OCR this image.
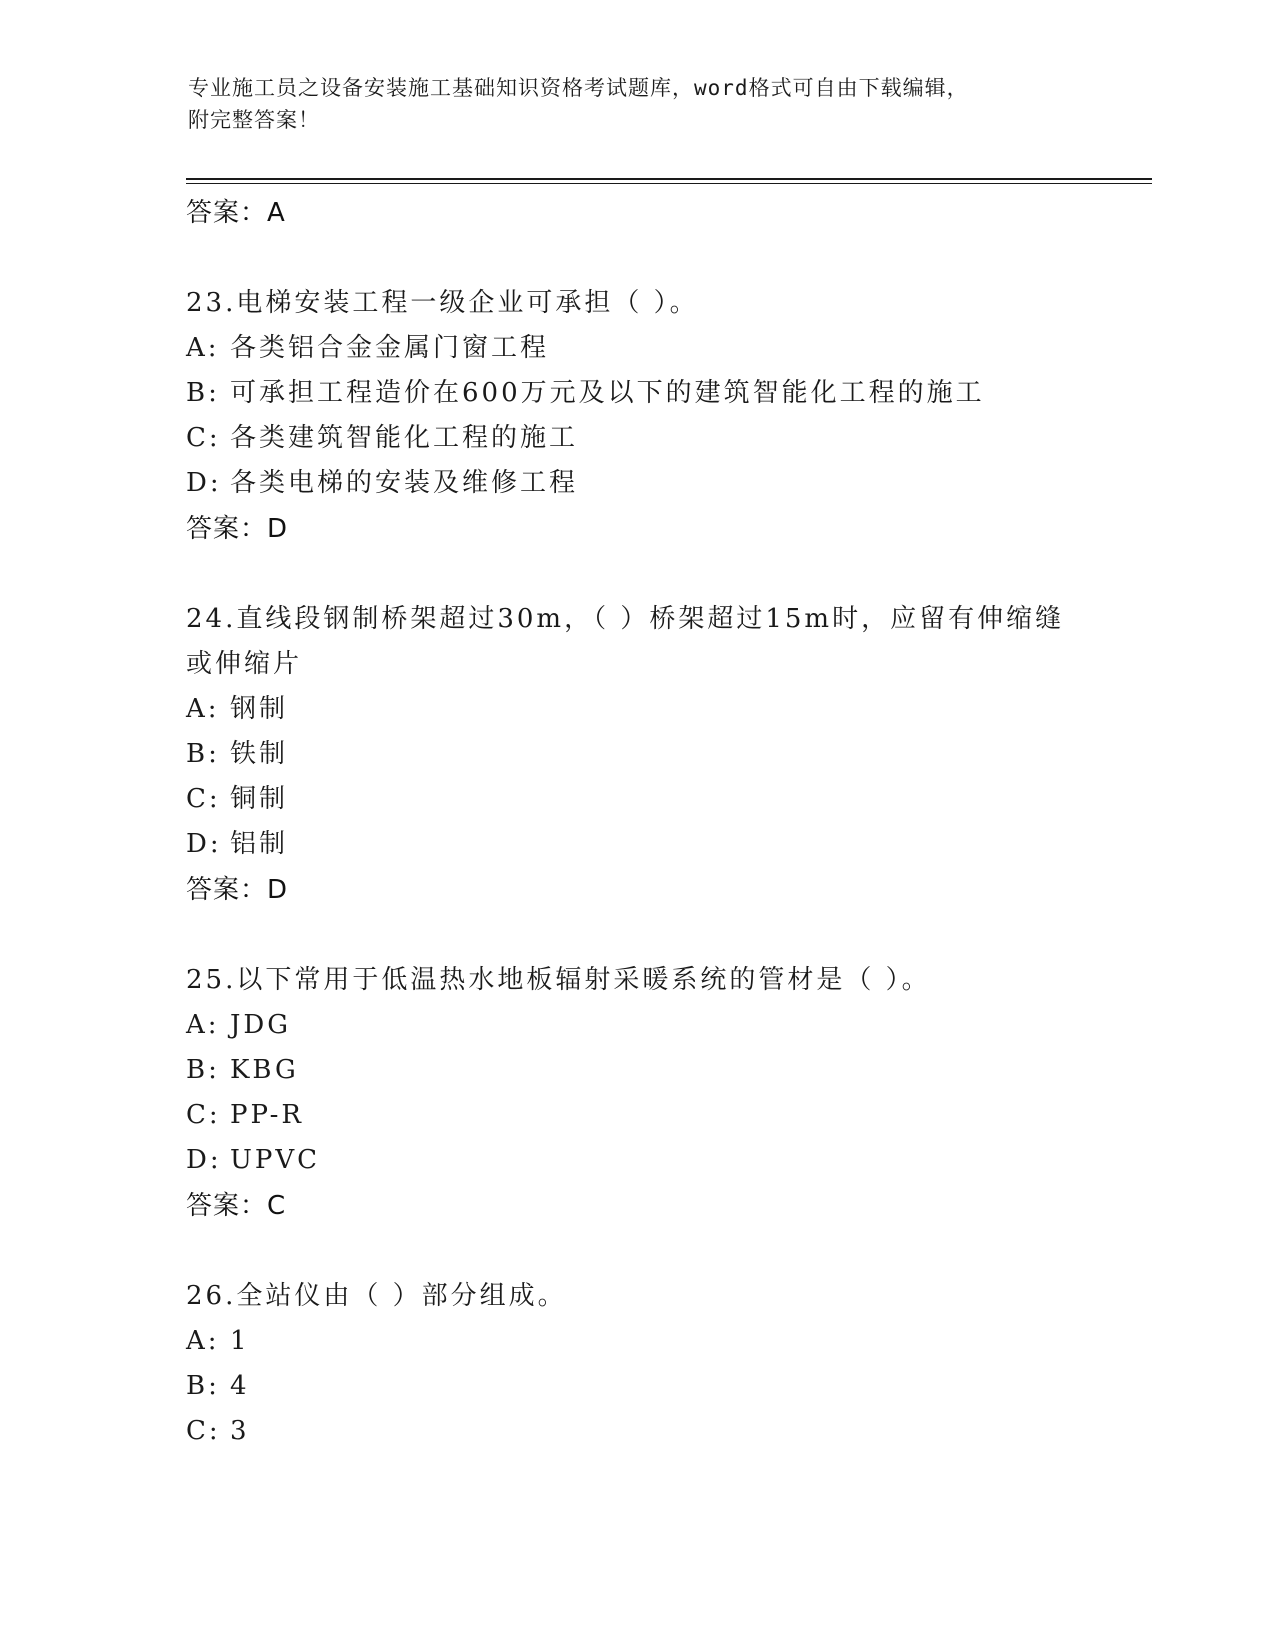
专业施工员之设备安装施工基础知识资格考试题库，word格式可自由下载编辑，
附完整答案！
答案：A
23.电梯安装工程一级企业可承担（ ）。
A: 各类铝合金金属门窗工程
B: 可承担工程造价在600万元及以下的建筑智能化工程的施工
C: 各类建筑智能化工程的施工
D: 各类电梯的安装及维修工程
答案：D
24.直线段钢制桥架超过30m，（ ）桥架超过15m时，应留有伸缩缝或伸缩片
A: 钢制
B: 铁制
C: 铜制
D: 铝制
答案：D
25.以下常用于低温热水地板辐射采暖系统的管材是（ ）。
A: JDG
B: KBG
C: PP-R
D: UPVC
答案：C
26.全站仪由（ ）部分组成。
A: 1
B: 4
C: 3
